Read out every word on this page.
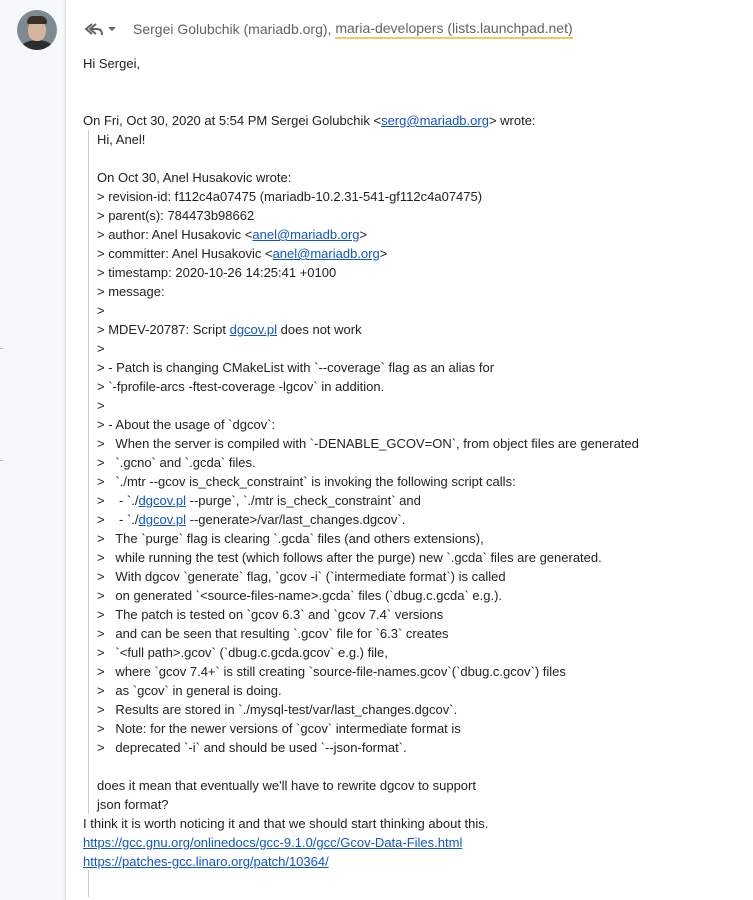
Sergei Golubchik (mariadb.org) ,
maria-developers (lists.launchpad.net)
Hi Sergei,
On Fri, Oct 30, 2020 at 5:54 PM Sergei Golubchik <serg@mariadb.org> wrote:
Hi, Anel!
On Oct 30, Anel Husakovic wrote:
> revision-id: f112c4a07475 (mariadb-10.2.31-541-gf112c4a07475)
> parent(s): 784473b98662
> author: Anel Husakovic <anel@mariadb.org>
> committer: Anel Husakovic <anel@mariadb.org>
> timestamp: 2020-10-26 14:25:41 +0100
> message:
>
> MDEV-20787: Script dgcov.pl does not work
>
> - Patch is changing CMakeList with `--coverage` flag as an alias for
> `-fprofile-arcs -ftest-coverage -lgcov` in addition.
>
> - About the usage of `dgcov`:
>   When the server is compiled with `-DENABLE_GCOV=ON`, from object files are generated
>   `.gcno` and `.gcda` files.
>   `./mtr --gcov is_check_constraint` is invoking the following script calls:
>    - `./dgcov.pl --purge`, `./mtr is_check_constraint` and
>    - `./dgcov.pl --generate>/var/last_changes.dgcov`.
>   The `purge` flag is clearing `.gcda` files (and others extensions),
>   while running the test (which follows after the purge) new `.gcda` files are generated.
>   With dgcov `generate` flag, `gcov -i` (`intermediate format`) is called
>   on generated `<source-files-name>.gcda` files (`dbug.c.gcda` e.g.).
>   The patch is tested on `gcov 6.3` and `gcov 7.4` versions
>   and can be seen that resulting `.gcov` file for `6.3` creates
>   `<full path>.gcov` (`dbug.c.gcda.gcov` e.g.) file,
>   where `gcov 7.4+` is still creating `source-file-names.gcov`(`dbug.c.gcov`) files
>   as `gcov` in general is doing.
>   Results are stored in `./mysql-test/var/last_changes.dgcov`.
>   Note: for the newer versions of `gcov` intermediate format is
>   deprecated `-i` and should be used `--json-format`.
does it mean that eventually we'll have to rewrite dgcov to support
json format?
I think it is worth noticing it and that we should start thinking about this.
https://gcc.gnu.org/onlinedocs/gcc-9.1.0/gcc/Gcov-Data-Files.html
https://patches-gcc.linaro.org/patch/10364/
